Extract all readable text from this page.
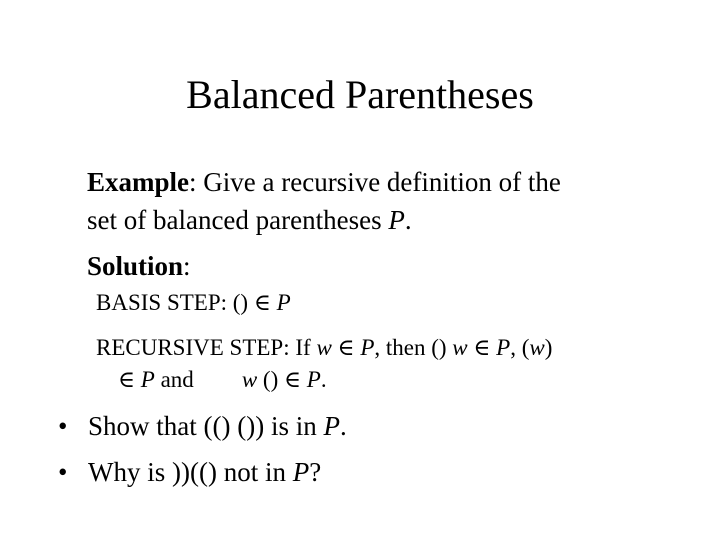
Balanced Parentheses
Example: Give a recursive definition of the
set of balanced parentheses P.
Solution:
BASIS STEP: () ∈ P
RECURSIVE STEP: If w ∈ P, then () w ∈ P, (w)
∈ P and w () ∈ P.
• Show that (() ()) is in P.
• Why is ))(() not in P?
